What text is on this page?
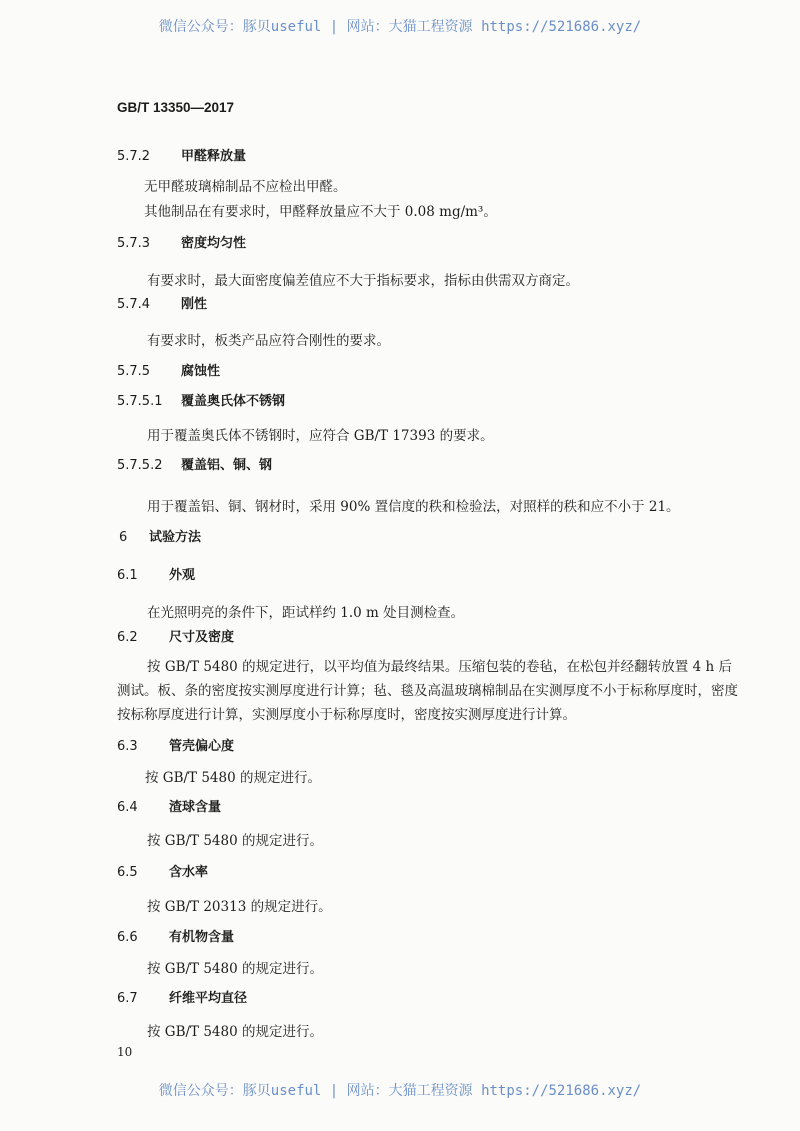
微信公众号：豚贝useful | 网站：大猫工程资源 https://521686.xyz/
GB/T 13350—2017
5.7.2 甲醛释放量
无甲醛玻璃棉制品不应检出甲醛。
其他制品在有要求时，甲醛释放量应不大于 0.08 mg/m³。
5.7.3 密度均匀性
有要求时，最大面密度偏差值应不大于指标要求，指标由供需双方商定。
5.7.4 刚性
有要求时，板类产品应符合刚性的要求。
5.7.5 腐蚀性
5.7.5.1 覆盖奥氏体不锈钢
用于覆盖奥氏体不锈钢时，应符合 GB/T 17393 的要求。
5.7.5.2 覆盖铝、铜、钢
用于覆盖铝、铜、钢材时，采用 90% 置信度的秩和检验法，对照样的秩和应不小于 21。
6 试验方法
6.1 外观
在光照明亮的条件下，距试样约 1.0 m 处目测检查。
6.2 尺寸及密度
按 GB/T 5480 的规定进行，以平均值为最终结果。压缩包装的卷毡，在松包并经翻转放置 4 h 后
测试。板、条的密度按实测厚度进行计算；毡、毯及高温玻璃棉制品在实测厚度不小于标称厚度时，密度
按标称厚度进行计算，实测厚度小于标称厚度时，密度按实测厚度进行计算。
6.3 管壳偏心度
按 GB/T 5480 的规定进行。
6.4 渣球含量
按 GB/T 5480 的规定进行。
6.5 含水率
按 GB/T 20313 的规定进行。
6.6 有机物含量
按 GB/T 5480 的规定进行。
6.7 纤维平均直径
按 GB/T 5480 的规定进行。
10
微信公众号：豚贝useful | 网站：大猫工程资源 https://521686.xyz/
